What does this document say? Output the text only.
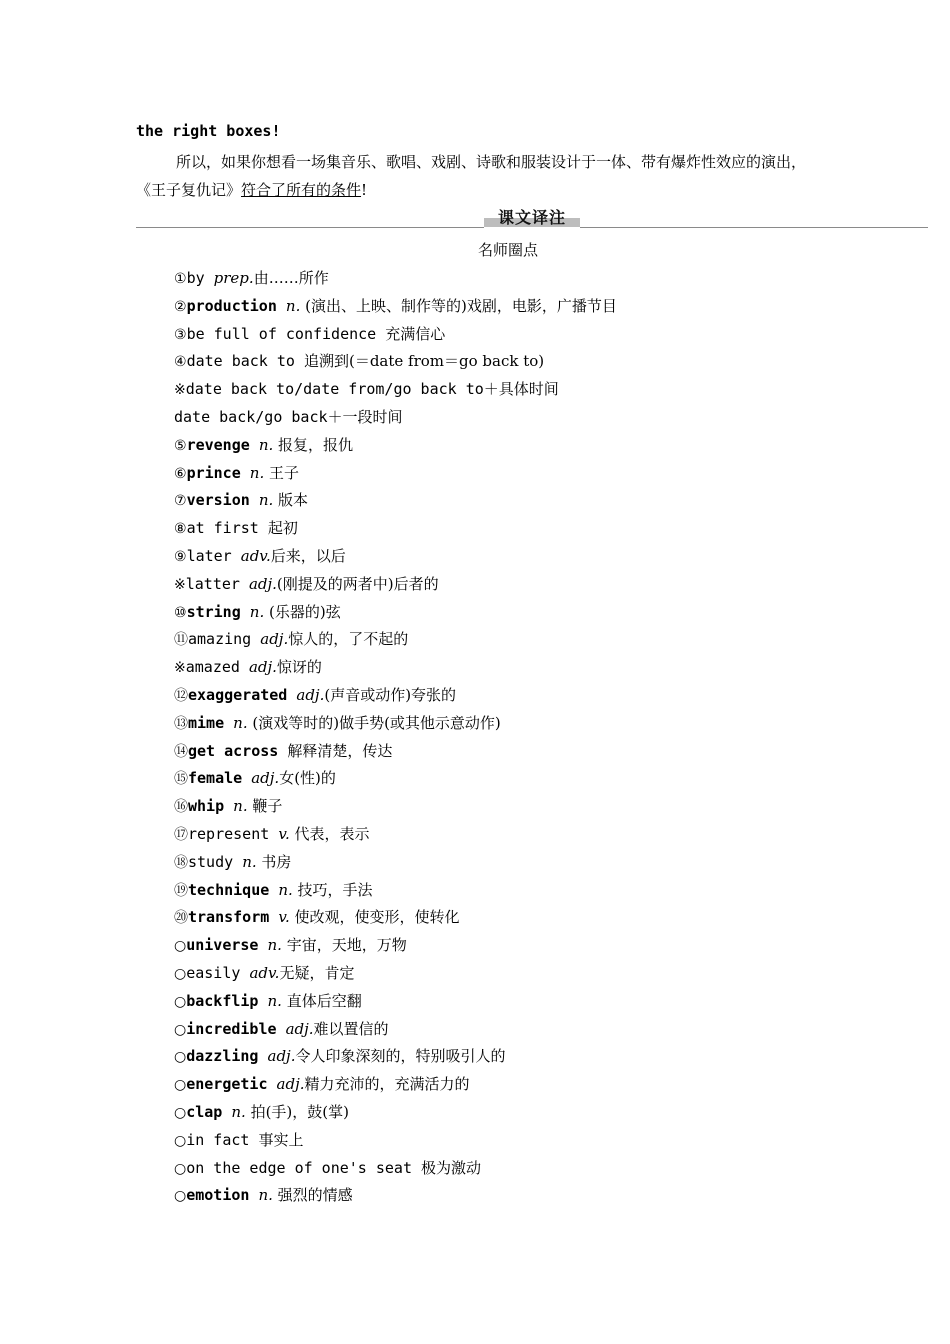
the right boxes!
所以，如果你想看一场集音乐、歌唱、戏剧、诗歌和服装设计于一体、带有爆炸性效应的演出，《王子复仇记》符合了所有的条件!
课文译注
名师圈点
①by prep.由……所作
②production n. (演出、上映、制作等的)戏剧，电影，广播节目
③be full of confidence 充满信心
④date back to 追溯到(＝date from＝go back to)
※date back to/date from/go back to＋具体时间
date back/go back＋一段时间
⑤revenge n. 报复，报仇
⑥prince n. 王子
⑦version n. 版本
⑧at first 起初
⑨later adv.后来，以后
※latter adj.(刚提及的两者中)后者的
⑩string n. (乐器的)弦
⑪amazing adj.惊人的，了不起的
※amazed adj.惊讶的
⑫exaggerated adj.(声音或动作)夸张的
⑬mime n. (演戏等时的)做手势(或其他示意动作)
⑭get across 解释清楚，传达
⑮female adj.女(性)的
⑯whip n. 鞭子
⑰represent v. 代表，表示
⑱study n. 书房
⑲technique n. 技巧，手法
⑳transform v. 使改观，使变形，使转化
○universe n. 宇宙，天地，万物
○easily adv.无疑，肯定
○backflip n. 直体后空翻
○incredible adj.难以置信的
○dazzling adj.令人印象深刻的，特别吸引人的
○energetic adj.精力充沛的，充满活力的
○clap n. 拍(手)，鼓(掌)
○in fact 事实上
○on the edge of one's seat 极为激动
○emotion n. 强烈的情感
